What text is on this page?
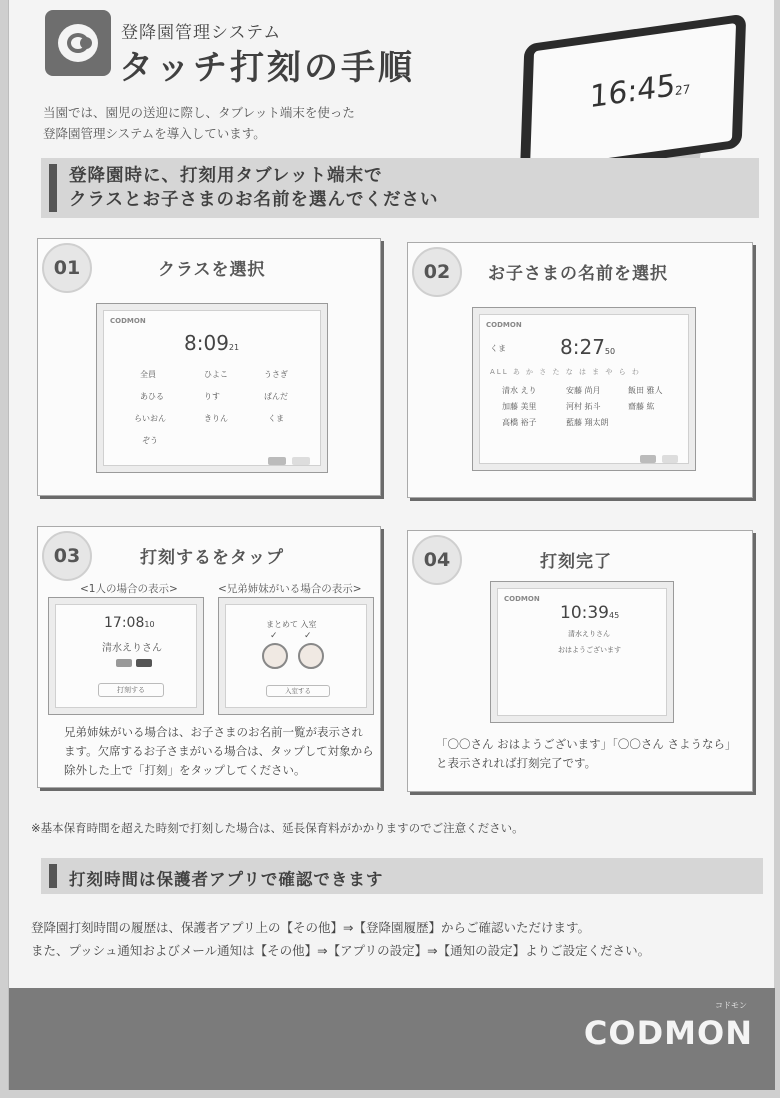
登降園管理システム
タッチ打刻の手順
当園では、園児の送迎に際し、タブレット端末を使った
登降園管理システムを導入しています。
16:4527
登降園時に、打刻用タブレット端末で
クラスとお子さまのお名前を選んでください
01	クラスを選択
CODMON
8:0921
全員	ひよこ	うさぎ
あひる	りす	ぱんだ
らいおん	きりん	くま
ぞう
02	お子さまの名前を選択
CODMON
8:2750
くま
ALL あ か さ た な は ま や ら わ
清水 えり	安藤 尚月	飯田 雅人
加藤 美里	河村 拓斗	齋藤 紘
高橋 裕子	藍藤 翔太朗
03	打刻するをタップ
<1人の場合の表示>	<兄弟姉妹がいる場合の表示>
17:0810
清水えりさん
打刻する
まとめて 入室
✓	✓
入室する
兄弟姉妹がいる場合は、お子さまのお名前一覧が表示され
ます。欠席するお子さまがいる場合は、タップして対象から
除外した上で「打刻」をタップしてください。
04	打刻完了
CODMON
10:3945
清水えりさん
おはようございます
「〇〇さん おはようございます」「〇〇さん さようなら」
と表示されれば打刻完了です。
※基本保育時間を超えた時刻で打刻した場合は、延長保育料がかかりますのでご注意ください。
打刻時間は保護者アプリで確認できます
登降園打刻時間の履歴は、保護者アプリ上の【その他】⇒【登降園履歴】からご確認いただけます。
また、プッシュ通知およびメール通知は【その他】⇒【アプリの設定】⇒【通知の設定】よりご設定ください。
コドモン
CODMON
